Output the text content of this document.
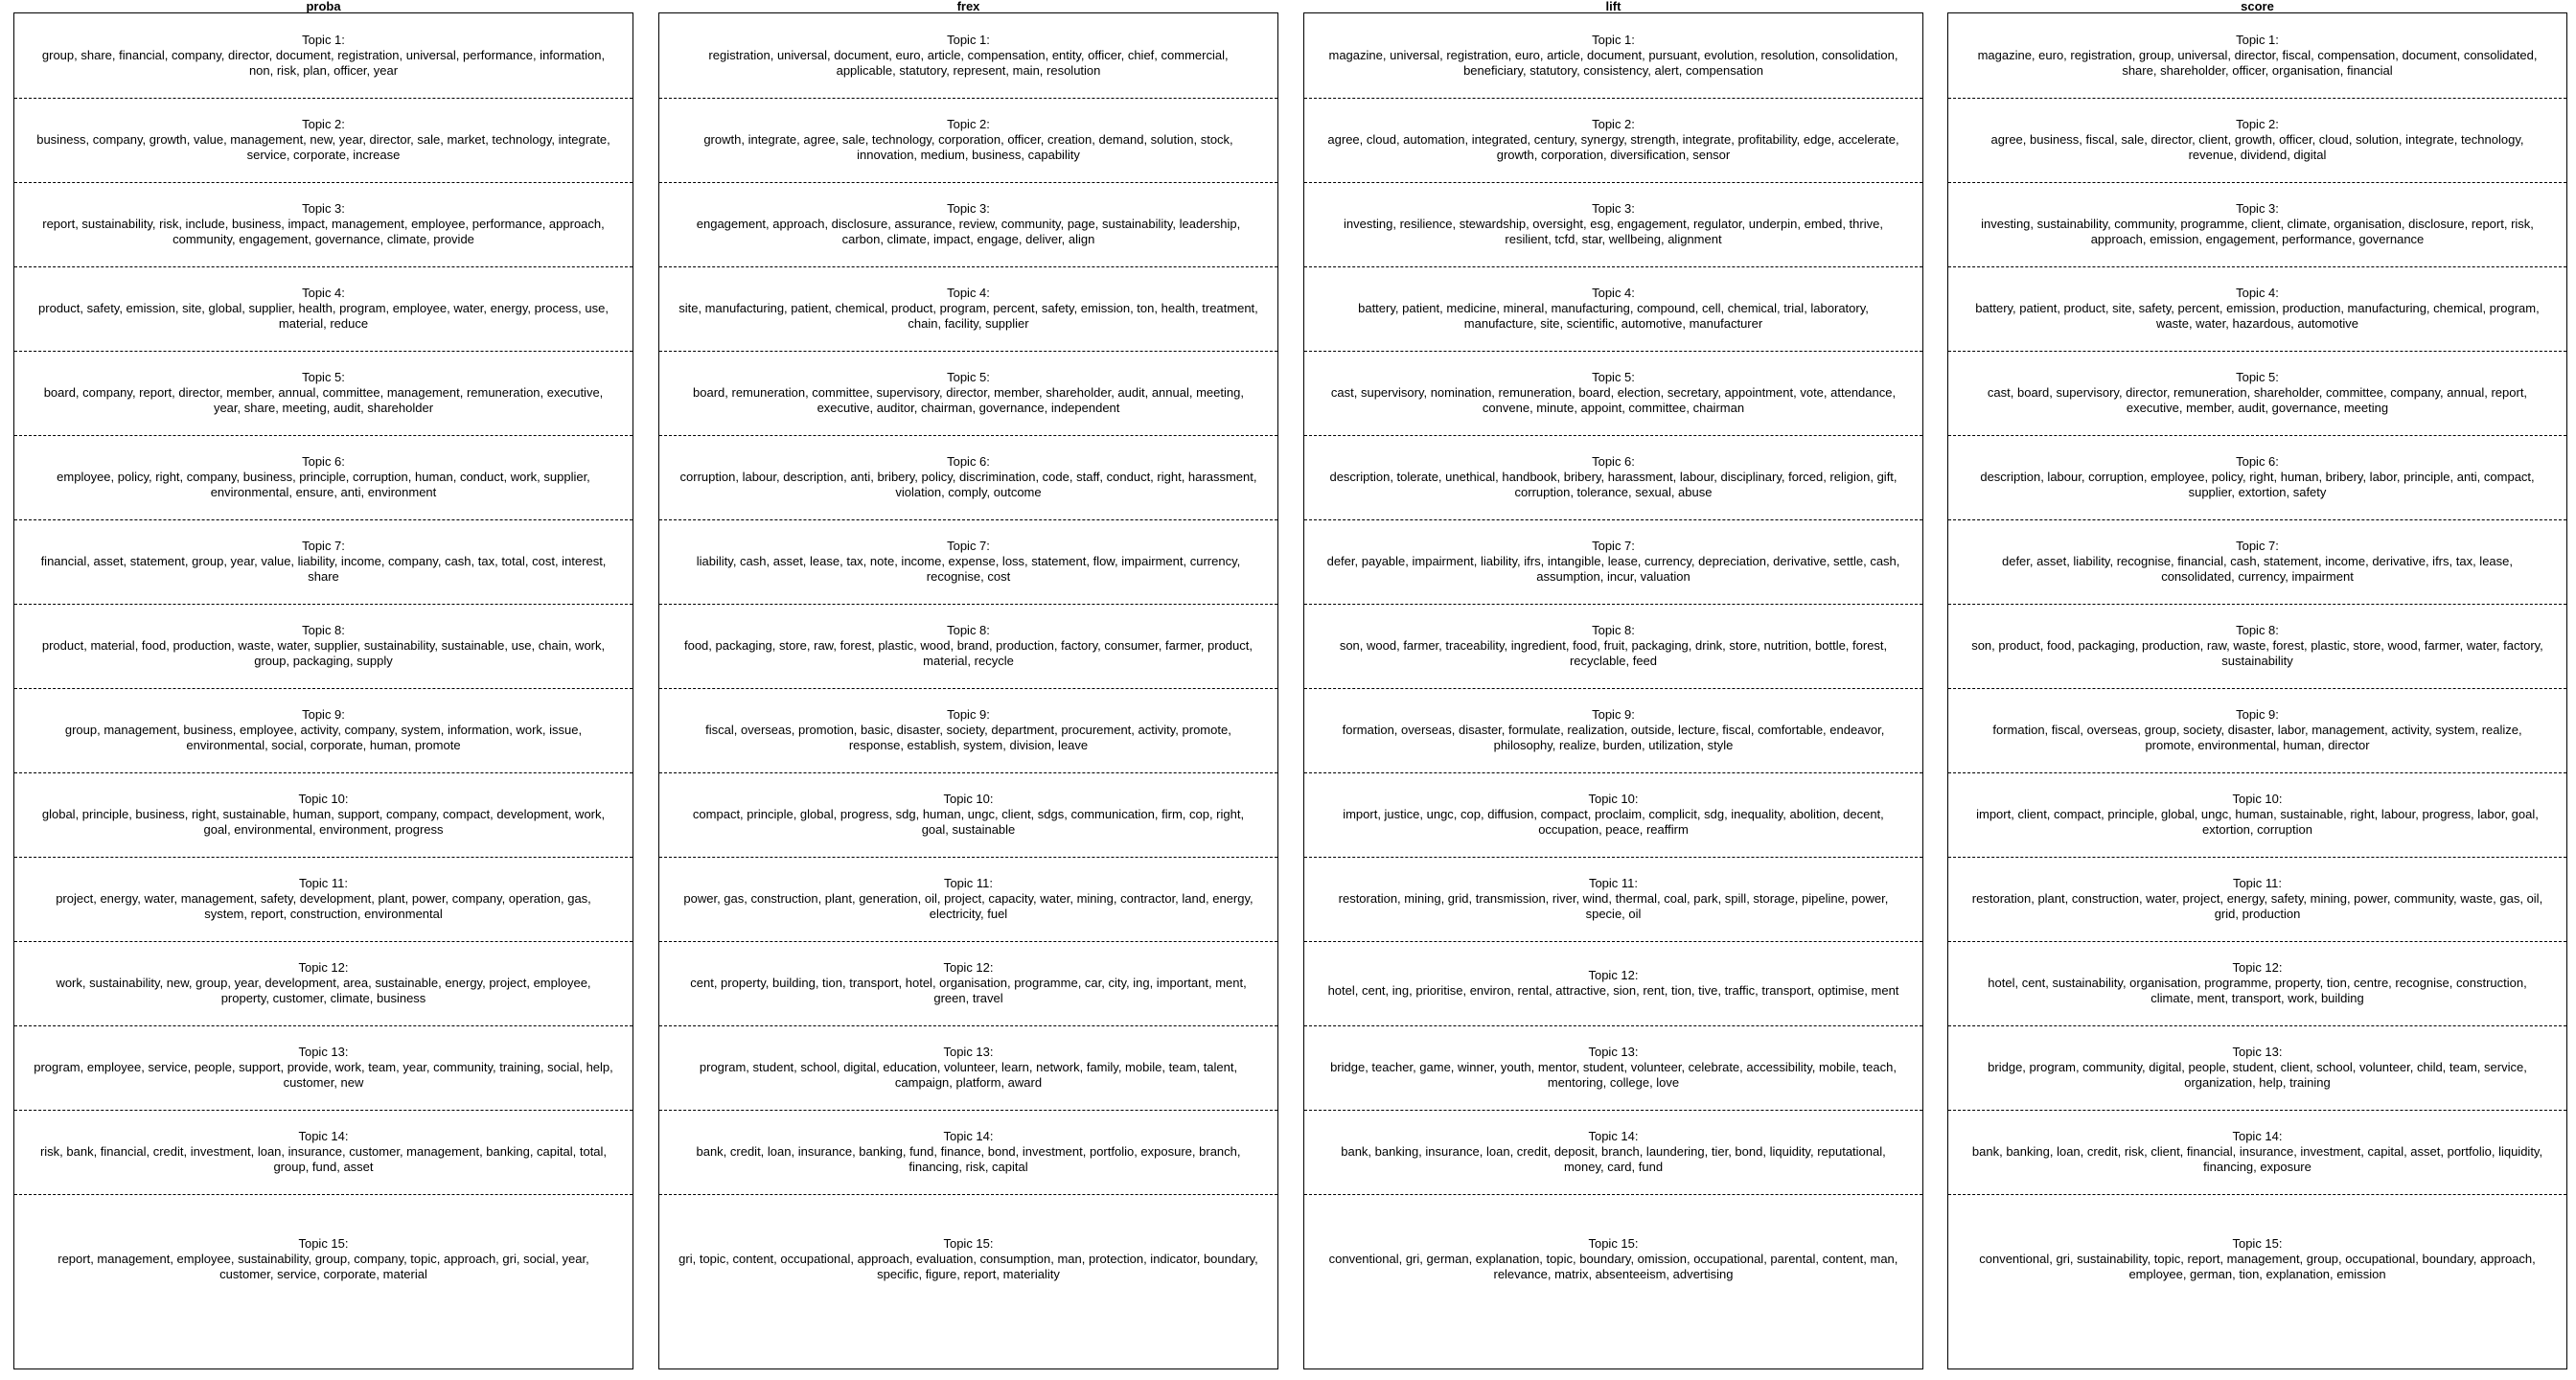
proba
Topic 1:
group, share, financial, company, director, document, registration, universal, performance, information, non, risk, plan, officer, year
Topic 2:
business, company, growth, value, management, new, year, director, sale, market, technology, integrate, service, corporate, increase
Topic 3:
report, sustainability, risk, include, business, impact, management, employee, performance, approach, community, engagement, governance, climate, provide
Topic 4:
product, safety, emission, site, global, supplier, health, program, employee, water, energy, process, use, material, reduce
Topic 5:
board, company, report, director, member, annual, committee, management, remuneration, executive, year, share, meeting, audit, shareholder
Topic 6:
employee, policy, right, company, business, principle, corruption, human, conduct, work, supplier, environmental, ensure, anti, environment
Topic 7:
financial, asset, statement, group, year, value, liability, income, company, cash, tax, total, cost, interest, share
Topic 8:
product, material, food, production, waste, water, supplier, sustainability, sustainable, use, chain, work, group, packaging, supply
Topic 9:
group, management, business, employee, activity, company, system, information, work, issue, environmental, social, corporate, human, promote
Topic 10:
global, principle, business, right, sustainable, human, support, company, compact, development, work, goal, environmental, environment, progress
Topic 11:
project, energy, water, management, safety, development, plant, power, company, operation, gas, system, report, construction, environmental
Topic 12:
work, sustainability, new, group, year, development, area, sustainable, energy, project, employee, property, customer, climate, business
Topic 13:
program, employee, service, people, support, provide, work, team, year, community, training, social, help, customer, new
Topic 14:
risk, bank, financial, credit, investment, loan, insurance, customer, management, banking, capital, total, group, fund, asset
Topic 15:
report, management, employee, sustainability, group, company, topic, approach, gri, social, year, customer, service, corporate, material
frex
Topic 1:
registration, universal, document, euro, article, compensation, entity, officer, chief, commercial, applicable, statutory, represent, main, resolution
Topic 2:
growth, integrate, agree, sale, technology, corporation, officer, creation, demand, solution, stock, innovation, medium, business, capability
Topic 3:
engagement, approach, disclosure, assurance, review, community, page, sustainability, leadership, carbon, climate, impact, engage, deliver, align
Topic 4:
site, manufacturing, patient, chemical, product, program, percent, safety, emission, ton, health, treatment, chain, facility, supplier
Topic 5:
board, remuneration, committee, supervisory, director, member, shareholder, audit, annual, meeting, executive, auditor, chairman, governance, independent
Topic 6:
corruption, labour, description, anti, bribery, policy, discrimination, code, staff, conduct, right, harassment, violation, comply, outcome
Topic 7:
liability, cash, asset, lease, tax, note, income, expense, loss, statement, flow, impairment, currency, recognise, cost
Topic 8:
food, packaging, store, raw, forest, plastic, wood, brand, production, factory, consumer, farmer, product, material, recycle
Topic 9:
fiscal, overseas, promotion, basic, disaster, society, department, procurement, activity, promote, response, establish, system, division, leave
Topic 10:
compact, principle, global, progress, sdg, human, ungc, client, sdgs, communication, firm, cop, right, goal, sustainable
Topic 11:
power, gas, construction, plant, generation, oil, project, capacity, water, mining, contractor, land, energy, electricity, fuel
Topic 12:
cent, property, building, tion, transport, hotel, organisation, programme, car, city, ing, important, ment, green, travel
Topic 13:
program, student, school, digital, education, volunteer, learn, network, family, mobile, team, talent, campaign, platform, award
Topic 14:
bank, credit, loan, insurance, banking, fund, finance, bond, investment, portfolio, exposure, branch, financing, risk, capital
Topic 15:
gri, topic, content, occupational, approach, evaluation, consumption, man, protection, indicator, boundary, specific, figure, report, materiality
lift
Topic 1:
magazine, universal, registration, euro, article, document, pursuant, evolution, resolution, consolidation, beneficiary, statutory, consistency, alert, compensation
Topic 2:
agree, cloud, automation, integrated, century, synergy, strength, integrate, profitability, edge, accelerate, growth, corporation, diversification, sensor
Topic 3:
investing, resilience, stewardship, oversight, esg, engagement, regulator, underpin, embed, thrive, resilient, tcfd, star, wellbeing, alignment
Topic 4:
battery, patient, medicine, mineral, manufacturing, compound, cell, chemical, trial, laboratory, manufacture, site, scientific, automotive, manufacturer
Topic 5:
cast, supervisory, nomination, remuneration, board, election, secretary, appointment, vote, attendance, convene, minute, appoint, committee, chairman
Topic 6:
description, tolerate, unethical, handbook, bribery, harassment, labour, disciplinary, forced, religion, gift, corruption, tolerance, sexual, abuse
Topic 7:
defer, payable, impairment, liability, ifrs, intangible, lease, currency, depreciation, derivative, settle, cash, assumption, incur, valuation
Topic 8:
son, wood, farmer, traceability, ingredient, food, fruit, packaging, drink, store, nutrition, bottle, forest, recyclable, feed
Topic 9:
formation, overseas, disaster, formulate, realization, outside, lecture, fiscal, comfortable, endeavor, philosophy, realize, burden, utilization, style
Topic 10:
import, justice, ungc, cop, diffusion, compact, proclaim, complicit, sdg, inequality, abolition, decent, occupation, peace, reaffirm
Topic 11:
restoration, mining, grid, transmission, river, wind, thermal, coal, park, spill, storage, pipeline, power, specie, oil
Topic 12:
hotel, cent, ing, prioritise, environ, rental, attractive, sion, rent, tion, tive, traffic, transport, optimise, ment
Topic 13:
bridge, teacher, game, winner, youth, mentor, student, volunteer, celebrate, accessibility, mobile, teach, mentoring, college, love
Topic 14:
bank, banking, insurance, loan, credit, deposit, branch, laundering, tier, bond, liquidity, reputational, money, card, fund
Topic 15:
conventional, gri, german, explanation, topic, boundary, omission, occupational, parental, content, man, relevance, matrix, absenteeism, advertising
score
Topic 1:
magazine, euro, registration, group, universal, director, fiscal, compensation, document, consolidated, share, shareholder, officer, organisation, financial
Topic 2:
agree, business, fiscal, sale, director, client, growth, officer, cloud, solution, integrate, technology, revenue, dividend, digital
Topic 3:
investing, sustainability, community, programme, client, climate, organisation, disclosure, report, risk, approach, emission, engagement, performance, governance
Topic 4:
battery, patient, product, site, safety, percent, emission, production, manufacturing, chemical, program, waste, water, hazardous, automotive
Topic 5:
cast, board, supervisory, director, remuneration, shareholder, committee, company, annual, report, executive, member, audit, governance, meeting
Topic 6:
description, labour, corruption, employee, policy, right, human, bribery, labor, principle, anti, compact, supplier, extortion, safety
Topic 7:
defer, asset, liability, recognise, financial, cash, statement, income, derivative, ifrs, tax, lease, consolidated, currency, impairment
Topic 8:
son, product, food, packaging, production, raw, waste, forest, plastic, store, wood, farmer, water, factory, sustainability
Topic 9:
formation, fiscal, overseas, group, society, disaster, labor, management, activity, system, realize, promote, environmental, human, director
Topic 10:
import, client, compact, principle, global, ungc, human, sustainable, right, labour, progress, labor, goal, extortion, corruption
Topic 11:
restoration, plant, construction, water, project, energy, safety, mining, power, community, waste, gas, oil, grid, production
Topic 12:
hotel, cent, sustainability, organisation, programme, property, tion, centre, recognise, construction, climate, ment, transport, work, building
Topic 13:
bridge, program, community, digital, people, student, client, school, volunteer, child, team, service, organization, help, training
Topic 14:
bank, banking, loan, credit, risk, client, financial, insurance, investment, capital, asset, portfolio, liquidity, financing, exposure
Topic 15:
conventional, gri, sustainability, topic, report, management, group, occupational, boundary, approach, employee, german, tion, explanation, emission
